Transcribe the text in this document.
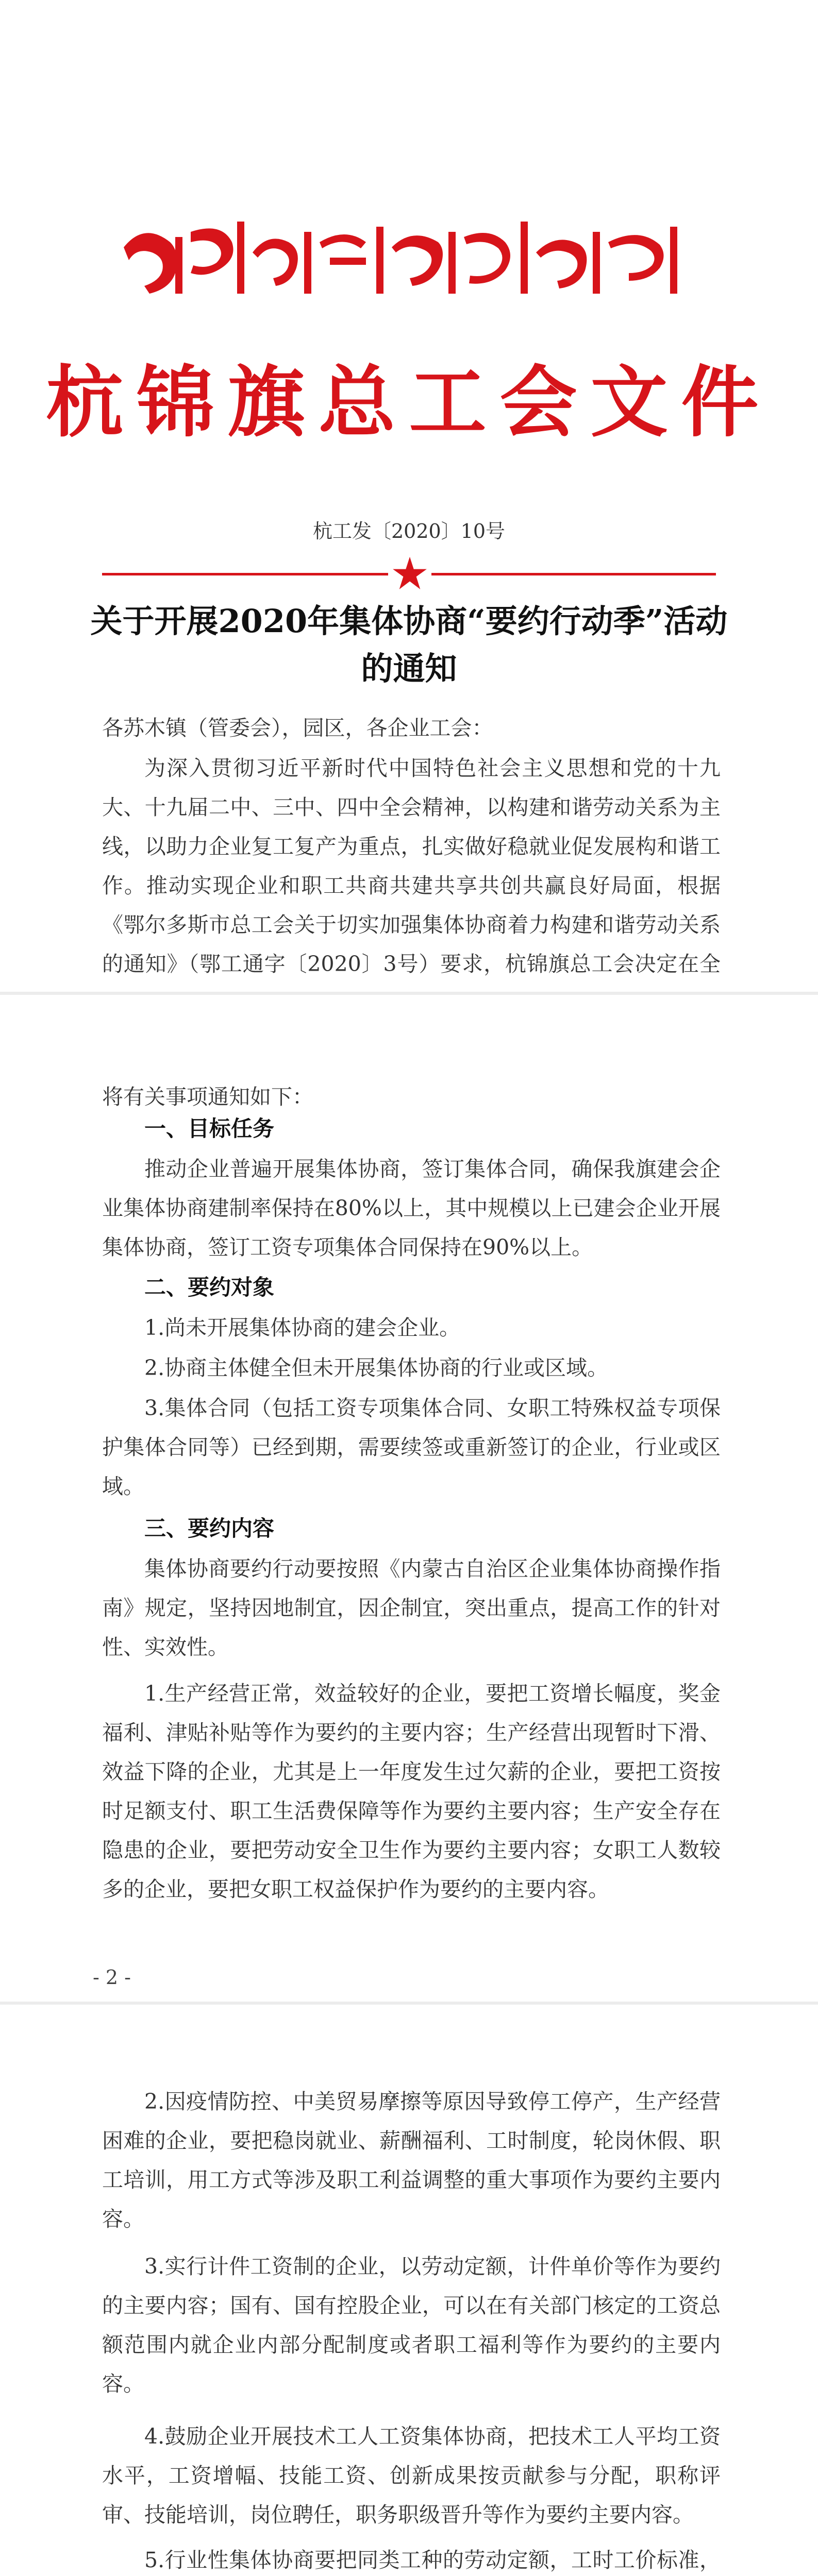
杭锦旗总工会文件
杭工发〔2020〕10号
关于开展2020年集体协商“要约行动季”活动的通知
各苏木镇（管委会），园区，各企业工会：
为深入贯彻习近平新时代中国特色社会主义思想和党的十九大、十九届二中、三中、四中全会精神，以构建和谐劳动关系为主线，以助力企业复工复产为重点，扎实做好稳就业促发展构和谐工作。推动实现企业和职工共商共建共享共创共赢良好局面，根据《鄂尔多斯市总工会关于切实加强集体协商着力构建和谐劳动关系的通知》（鄂工通字〔2020〕3号）要求，杭锦旗总工会决定在全
将有关事项通知如下：
一、目标任务
推动企业普遍开展集体协商，签订集体合同，确保我旗建会企业集体协商建制率保持在80%以上，其中规模以上已建会企业开展集体协商，签订工资专项集体合同保持在90%以上。
二、要约对象
1.尚未开展集体协商的建会企业。
2.协商主体健全但未开展集体协商的行业或区域。
3.集体合同（包括工资专项集体合同、女职工特殊权益专项保护集体合同等）已经到期，需要续签或重新签订的企业，行业或区域。
三、要约内容
集体协商要约行动要按照《内蒙古自治区企业集体协商操作指南》规定，坚持因地制宜，因企制宜，突出重点，提高工作的针对性、实效性。
1.生产经营正常，效益较好的企业，要把工资增长幅度，奖金福利、津贴补贴等作为要约的主要内容；生产经营出现暂时下滑、效益下降的企业，尤其是上一年度发生过欠薪的企业，要把工资按时足额支付、职工生活费保障等作为要约主要内容；生产安全存在隐患的企业，要把劳动安全卫生作为要约主要内容；女职工人数较多的企业，要把女职工权益保护作为要约的主要内容。
- 2 -
2.因疫情防控、中美贸易摩擦等原因导致停工停产，生产经营困难的企业，要把稳岗就业、薪酬福利、工时制度，轮岗休假、职工培训，用工方式等涉及职工利益调整的重大事项作为要约主要内容。
3.实行计件工资制的企业，以劳动定额，计件单价等作为要约的主要内容；国有、国有控股企业，可以在有关部门核定的工资总额范围内就企业内部分配制度或者职工福利等作为要约的主要内容。
4.鼓励企业开展技术工人工资集体协商，把技术工人平均工资水平，工资增幅、技能工资、创新成果按贡献参与分配，职称评审、技能培训，岗位聘任，职务职级晋升等作为要约主要内容。
5.行业性集体协商要把同类工种的劳动定额，工时工价标准，
